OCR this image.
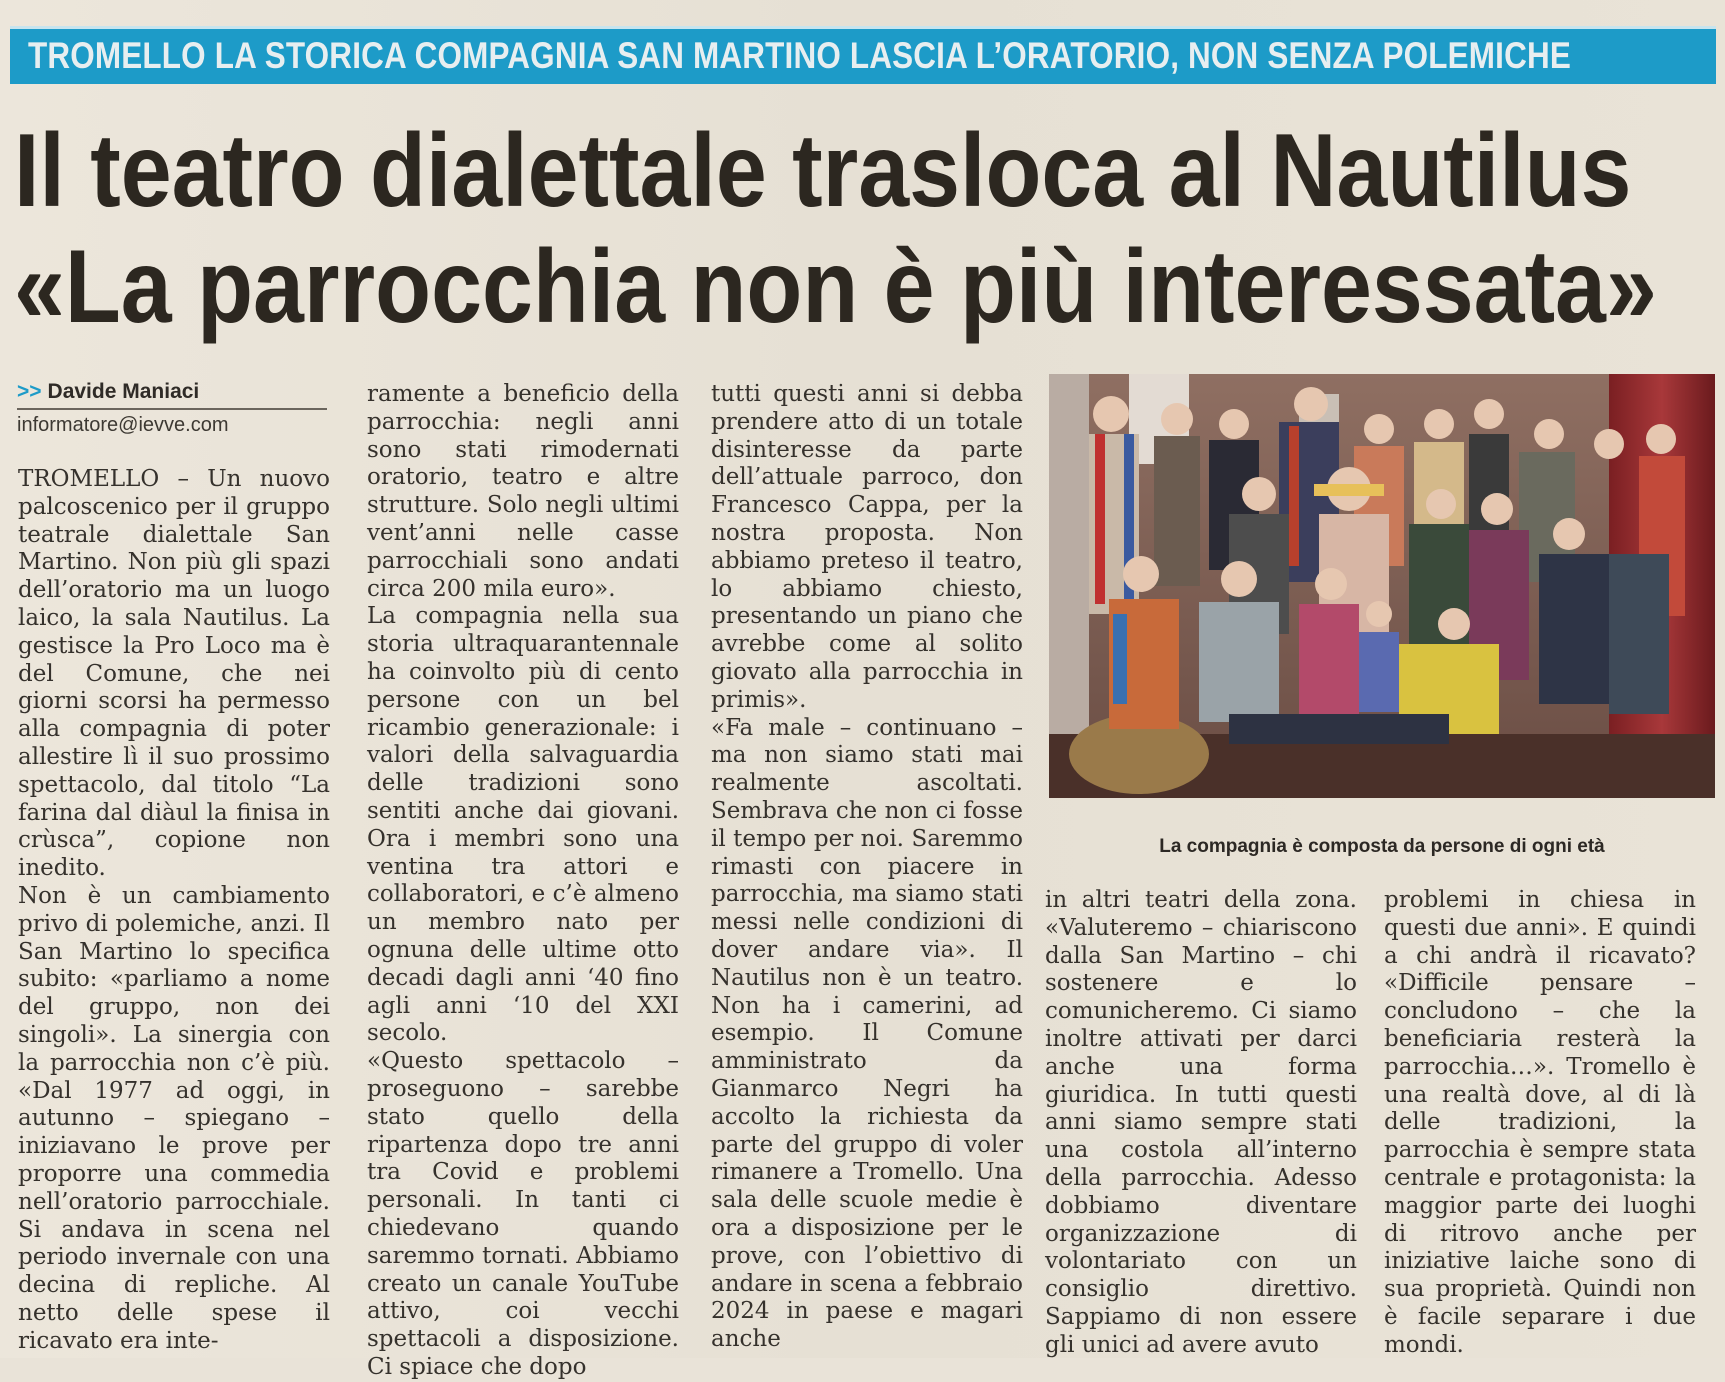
TROMELLO LA STORICA COMPAGNIA SAN MARTINO LASCIA L’ORATORIO, NON SENZA POLEMICHE
Il teatro dialettale trasloca al Nautilus
«La parrocchia non è più interessata»
>> Davide Maniaci
informatore@ievve.com

TROMELLO – Un nuovo palcoscenico per il gruppo teatrale dialettale San Martino. Non più gli spazi dell’oratorio ma un luogo laico, la sala Nautilus. La gestisce la Pro Loco ma è del Comune, che nei giorni scorsi ha permesso alla compagnia di poter allestire lì il suo prossimo spettacolo, dal titolo “La farina dal diàul la finisa in crùsca”, copione non inedito.

Non è un cambiamento privo di polemiche, anzi. Il San Martino lo specifica subito: «parliamo a nome del gruppo, non dei singoli». La sinergia con la parrocchia non c’è più. «Dal 1977 ad oggi, in autunno – spiegano – iniziavano le prove per proporre una commedia nell’oratorio parrocchiale. Si andava in scena nel periodo invernale con una decina di repliche. Al netto delle spese il ricavato era inte-

ramente a beneficio della parrocchia: negli anni sono stati rimodernati oratorio, teatro e altre strutture. Solo negli ultimi vent’anni nelle casse parrocchiali sono andati circa 200 mila euro».

La compagnia nella sua storia ultraquarantennale ha coinvolto più di cento persone con un bel ricambio generazionale: i valori della salvaguardia delle tradizioni sono sentiti anche dai giovani. Ora i membri sono una ventina tra attori e collaboratori, e c’è almeno un membro nato per ognuna delle ultime otto decadi dagli anni ‘40 fino agli anni ‘10 del XXI secolo.

«Questo spettacolo – proseguono – sarebbe stato quello della ripartenza dopo tre anni tra Covid e problemi personali. In tanti ci chiedevano quando saremmo tornati. Abbiamo creato un canale YouTube attivo, coi vecchi spettacoli a disposizione. Ci spiace che dopo

tutti questi anni si debba prendere atto di un totale disinteresse da parte dell’attuale parroco, don Francesco Cappa, per la nostra proposta. Non abbiamo preteso il teatro, lo abbiamo chiesto, presentando un piano che avrebbe come al solito giovato alla parrocchia in primis».

«Fa male – continuano – ma non siamo stati mai realmente ascoltati. Sembrava che non ci fosse il tempo per noi. Saremmo rimasti con piacere in parrocchia, ma siamo stati messi nelle condizioni di dover andare via». Il Nautilus non è un teatro. Non ha i camerini, ad esempio. Il Comune amministrato da Gianmarco Negri ha accolto la richiesta da parte del gruppo di voler rimanere a Tromello. Una sala delle scuole medie è ora a disposizione per le prove, con l’obiettivo di andare in scena a febbraio 2024 in paese e magari anche

La compagnia è composta da persone di ogni età

in altri teatri della zona. «Valuteremo – chiariscono dalla San Martino – chi sostenere e lo comunicheremo. Ci siamo inoltre attivati per darci anche una forma giuridica. In tutti questi anni siamo sempre stati una costola all’interno della parrocchia. Adesso dobbiamo diventare organizzazione di volontariato con un consiglio direttivo. Sappiamo di non essere gli unici ad avere avuto

problemi in chiesa in questi due anni». E quindi a chi andrà il ricavato? «Difficile pensare – concludono – che la beneficiaria resterà la parrocchia…». Tromello è una realtà dove, al di là delle tradizioni, la parrocchia è sempre stata centrale e protagonista: la maggior parte dei luoghi di ritrovo anche per iniziative laiche sono di sua proprietà. Quindi non è facile separare i due mondi.
